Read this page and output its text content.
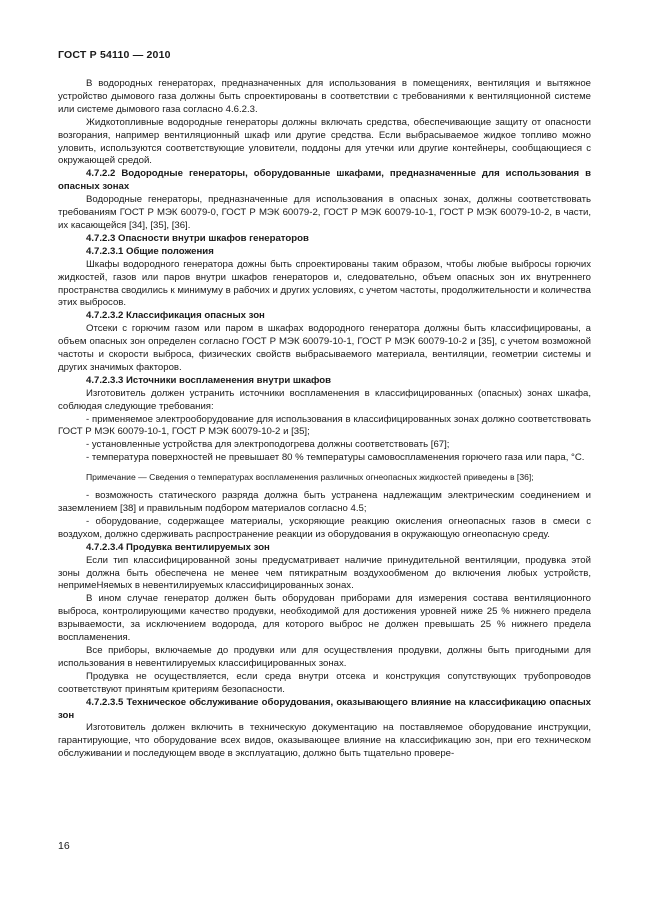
ГОСТ Р 54110 — 2010

В водородных генераторах, предназначенных для использования в помещениях, вентиляция и вытяжное устройство дымового газа должны быть спроектированы в соответствии с требованиями к вентиляционной системе или системе дымового газа согласно 4.6.2.3.

Жидкотопливные водородные генераторы должны включать средства, обеспечивающие защиту от опасности возгорания, например вентиляционный шкаф или другие средства. Если выбрасываемое жидкое топливо можно уловить, используются соответствующие уловители, поддоны для утечки или другие контейнеры, сообщающиеся с окружающей средой.

4.7.2.2 Водородные генераторы, оборудованные шкафами, предназначенные для использования в опасных зонах

Водородные генераторы, предназначенные для использования в опасных зонах, должны соответствовать требованиям ГОСТ Р МЭК 60079-0, ГОСТ Р МЭК 60079-2, ГОСТ Р МЭК 60079-10-1, ГОСТ Р МЭК 60079-10-2, в части, их касающейся [34], [35], [36].

4.7.2.3 Опасности внутри шкафов генераторов

4.7.2.3.1 Общие положения

Шкафы водородного генератора дожны быть спроектированы таким образом, чтобы любые выбросы горючих жидкостей, газов или паров внутри шкафов генераторов и, следовательно, объем опасных зон их внутреннего пространства сводились к минимуму в рабочих и других условиях, с учетом частоты, продолжительности и количества этих выбросов.

4.7.2.3.2 Классификация опасных зон

Отсеки с горючим газом или паром в шкафах водородного генератора должны быть классифицированы, а объем опасных зон определен согласно ГОСТ Р МЭК 60079-10-1, ГОСТ Р МЭК 60079-10-2 и [35], с учетом возможной частоты и скорости выброса, физических свойств выбрасываемого материала, вентиляции, геометрии системы и других значимых факторов.

4.7.2.3.3 Источники воспламенения внутри шкафов

Изготовитель должен устранить источники воспламенения в классифицированных (опасных) зонах шкафа, соблюдая следующие требования:

- применяемое электрооборудование для использования в классифицированных зонах должно соответствовать ГОСТ Р МЭК 60079-10-1, ГОСТ Р МЭК 60079-10-2 и [35];

- установленные устройства для электроподогрева должны соответствовать [67];

- температура поверхностей не превышает 80 % температуры самовоспламенения горючего газа или пара, °С.

Примечание — Сведения о температурах воспламенения различных огнеопасных жидкостей приведены в [36];

- возможность статического разряда должна быть устранена надлежащим электрическим соединением и заземлением [38] и правильным подбором материалов согласно 4.5;

- оборудование, содержащее материалы, ускоряющие реакцию окисления огнеопасных газов в смеси с воздухом, должно сдерживать распространение реакции из оборудования в окружающую огнеопасную среду.

4.7.2.3.4 Продувка вентилируемых зон

Если тип классифицированной зоны предусматривает наличие принудительной вентиляции, продувка этой зоны должна быть обеспечена не менее чем пятикратным воздухообменом до включения любых устройств, непримеНяемых в невентилируемых классифицированных зонах.

В ином случае генератор должен быть оборудован приборами для измерения состава вентиляционного выброса, контролирующими качество продувки, необходимой для достижения уровней ниже 25 % нижнего предела взрываемости, за исключением водорода, для которого выброс не должен превышать 25 % нижнего предела воспламенения.

Все приборы, включаемые до продувки или для осуществления продувки, должны быть пригодными для использования в невентилируемых классифицированных зонах.

Продувка не осуществляется, если среда внутри отсека и конструкция сопутствующих трубопроводов соответствуют принятым критериям безопасности.

4.7.2.3.5 Техническое обслуживание оборудования, оказывающего влияние на классификацию опасных зон

Изготовитель должен включить в техническую документацию на поставляемое оборудование инструкции, гарантирующие, что оборудование всех видов, оказывающее влияние на классификацию зон, при его техническом обслуживании и последующем вводе в эксплуатацию, должно быть тщательно провере-

16
